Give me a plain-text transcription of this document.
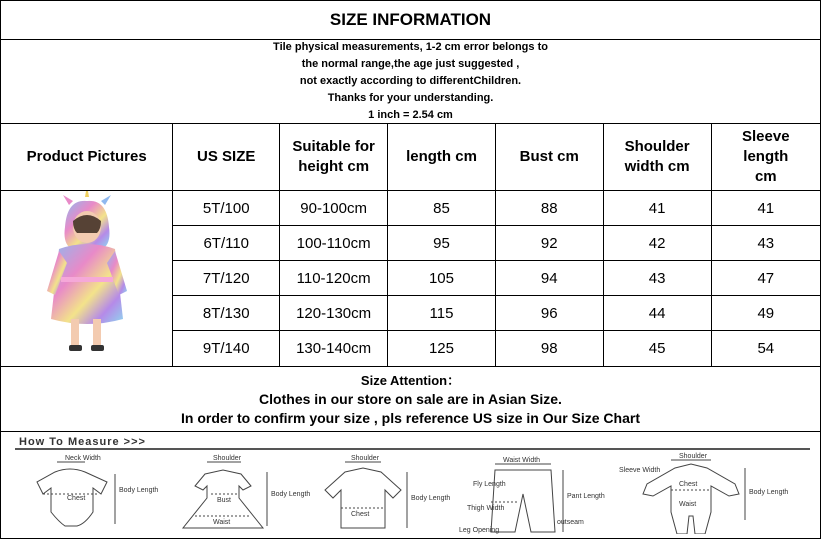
SIZE INFORMATION
Tile physical measurements, 1-2 cm error belongs to
the normal range,the age just suggested ,
not exactly according to differentChildren.
Thanks for your understanding.
1 inch = 2.54 cm
Product Pictures	US SIZE	Suitable for height cm	length cm	Bust cm	Shoulder width cm	Sleeve length cm
	5T/100	90-100cm	85	88	41	41
	6T/110	100-110cm	95	92	42	43
	7T/120	110-120cm	105	94	43	47
	8T/130	120-130cm	115	96	44	49
	9T/140	130-140cm	125	98	45	54
Size Attention：
Clothes in our store on sale are in Asian Size.
In order to confirm your size , pls reference US size in Our Size Chart
How To Measure >>>
Neck Width
Chest
Body Length
Shoulder
Bust
Waist
Body Length
Shoulder
Chest
Body Length
Waist Width
Fly Length
Thigh Width
Pant Length
outseam
Leg Opening
Sleeve Width
Shoulder
Chest
Waist
Body Length
